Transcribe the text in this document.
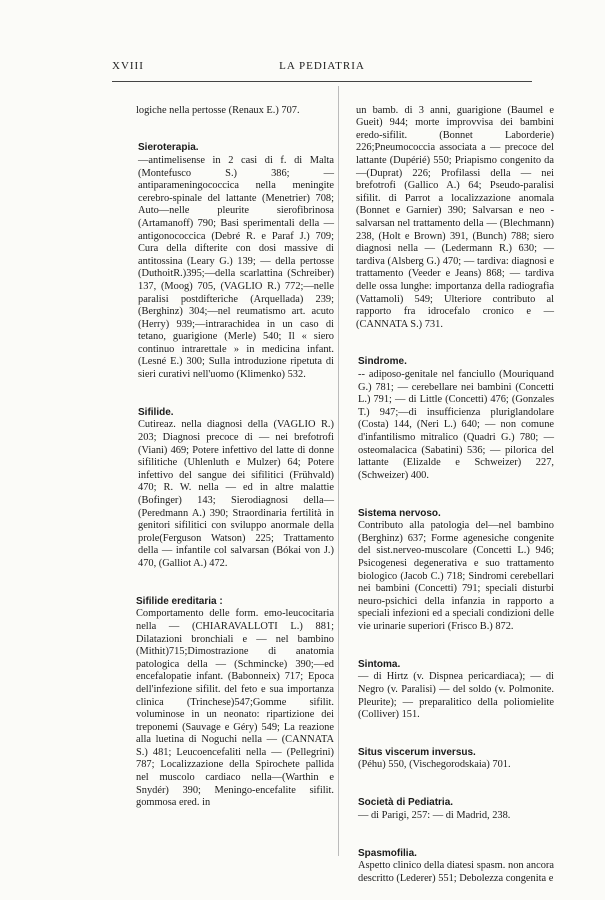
XVIII	LA PEDIATRIA

logiche nella pertosse (Renaux E.) 707.

Sieroterapia.
—antimelisense in 2 casi di f. di Malta (Montefusco S.) 386; — antiparameningococcica nella meningite cerebro-spinale del lattante (Menetrier) 708; Auto—nelle pleurite sierofibrinosa (Artamanoff) 790; Basi sperimentali della —antigonococcica (Debré R. e Paraf J.) 709; Cura della difterite con dosi massive di antitossina (Leary G.) 139; — della pertosse (DuthoitR.)395;—della scarlattina (Schreiber) 137, (Moog) 705, (VAGLIO R.) 772;—nelle paralisi postdifteriche (Arquellada) 239; (Berghinz) 304;—nel reumatismo art. acuto (Herry) 939;—intrarachidea in un caso di tetano, guarigione (Merle) 540; Il « siero continuo intrarettale » in medicina infant. (Lesné E.) 300; Sulla introduzione ripetuta di sieri curativi nell'uomo (Klimenko) 532.

Sifilide.
Cutireaz. nella diagnosi della (VAGLIO R.) 203; Diagnosi precoce di — nei brefotrofi (Viani) 469; Potere infettivo del latte di donne sifilitiche (Uhlenluth e Mulzer) 64; Potere infettivo del sangue dei sifilitici (Frühvald) 470; R. W. nella — ed in altre malattie (Bofinger) 143; Sierodiagnosi della— (Peredmann A.) 390; Straordinaria fertilità in genitori sifilitici con sviluppo anormale della prole(Ferguson Watson) 225; Trattamento della — infantile col salvarsan (Bókai von J.) 470, (Galliot A.) 472.

Sifilide ereditaria :
Comportamento delle form. emo-leucocitaria nella — (CHIARAVALLOTI L.) 881; Dilatazioni bronchiali e — nel bambino (Mithit)715;Dimostrazione di anatomia patologica della — (Schmincke) 390;—ed encefalopatie infant. (Babonneix) 717; Epoca dell'infezione sifilit. del feto e sua importanza clinica (Trinchese)547;Gomme sifilit. voluminose in un neonato: ripartizione dei treponemi (Sauvage e Géry) 549; La reazione alla luetina di Noguchi nella — (CANNATA S.) 481; Leucoencefaliti nella — (Pellegrini) 787; Localizzazione della Spirochete pallida nel muscolo cardiaco nella—(Warthin e Snydér) 390; Meningo-encefalite sifilit. gommosa ered. in

un bamb. di 3 anni, guarigione (Baumel e Gueit) 944; morte improvvisa dei bambini eredo-sifilit. (Bonnet Laborderie) 226;Pneumococcia associata a — precoce del lattante (Dupérié) 550; Priapismo congenito da—(Duprat) 226; Profilassi della — nei brefotrofi (Gallico A.) 64; Pseudo-paralisi sifilit. di Parrot a localizzazione anomala (Bonnet e Garnier) 390; Salvarsan e neo - salvarsan nel trattamento della — (Blechmann) 238, (Holt e Brown) 391, (Bunch) 788; siero diagnosi nella — (Ledermann R.) 630; — tardiva (Alsberg G.) 470; — tardiva: diagnosi e trattamento (Veeder e Jeans) 868; — tardiva delle ossa lunghe: importanza della radiografia (Vattamoli) 549; Ulteriore contributo al rapporto fra idrocefalo cronico e — (CANNATA S.) 731.

Sindrome.
-- adiposo-genitale nel fanciullo (Mouriquand G.) 781; — cerebellare nei bambini (Concetti L.) 791; — di Little (Concetti) 476; (Gonzales T.) 947;—di insufficienza pluriglandolare (Costa) 144, (Neri L.) 640; — non comune d'infantilismo mitralico (Quadri G.) 780; — osteomalacica (Sabatini) 536; — pilorica del lattante (Elizalde e Schweizer) 227, (Schweizer) 400.

Sistema nervoso.
Contributo alla patologia del—nel bambino (Berghinz) 637; Forme agenesiche congenite del sist.nerveo-muscolare (Concetti L.) 946; Psicogenesi degenerativa e suo trattamento biologico (Jacob C.) 718; Sindromi cerebellari nei bambini (Concetti) 791; speciali disturbi neuro-psichici della infanzia in rapporto a speciali infezioni ed a speciali condizioni delle vie urinarie superiori (Frisco B.) 872.

Sintoma.
— di Hirtz (v. Dispnea pericardiaca); — di Negro (v. Paralisi) — del soldo (v. Polmonite. Pleurite); — preparalitico della poliomielite (Colliver) 151.

Situs viscerum inversus.
(Péhu) 550, (Vischegorodskaia) 701.

Società di Pediatria.
— di Parigi, 257: — di Madrid, 238.

Spasmofilia.
Aspetto clinico della diatesi spasm. non ancora descritto (Lederer) 551; Debolezza congenita e
